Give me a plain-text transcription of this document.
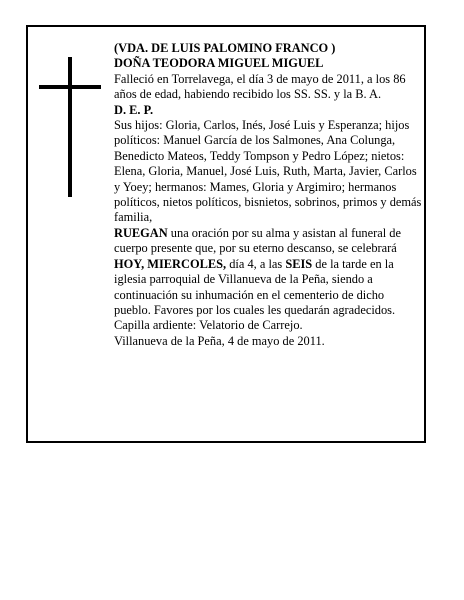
(VDA. DE LUIS PALOMINO FRANCO )

DOÑA TEODORA MIGUEL MIGUEL

Falleció en Torrelavega, el día 3 de mayo de 2011, a los 86 años de edad, habiendo recibido los SS. SS. y la B. A.

D. E. P.

Sus hijos: Gloria, Carlos, Inés, José Luis y Esperanza; hijos políticos: Manuel García de los Salmones, Ana Colunga, Benedicto Mateos, Teddy Tompson y Pedro López; nietos: Elena, Gloria, Manuel, José Luis, Ruth, Marta, Javier, Carlos y Yoey; hermanos: Mames, Gloria y Argimiro; hermanos políticos, nietos políticos, bisnietos, sobrinos, primos y demás familia,

RUEGAN una oración por su alma y asistan al funeral de cuerpo presente que, por su eterno descanso, se celebrará HOY, MIERCOLES, día 4, a las SEIS de la tarde en la iglesia parroquial de Villanueva de la Peña, siendo a continuación su inhumación en el cementerio de dicho pueblo. Favores por los cuales les quedarán agradecidos. Capilla ardiente: Velatorio de Carrejo.

Villanueva de la Peña, 4 de mayo de 2011.
